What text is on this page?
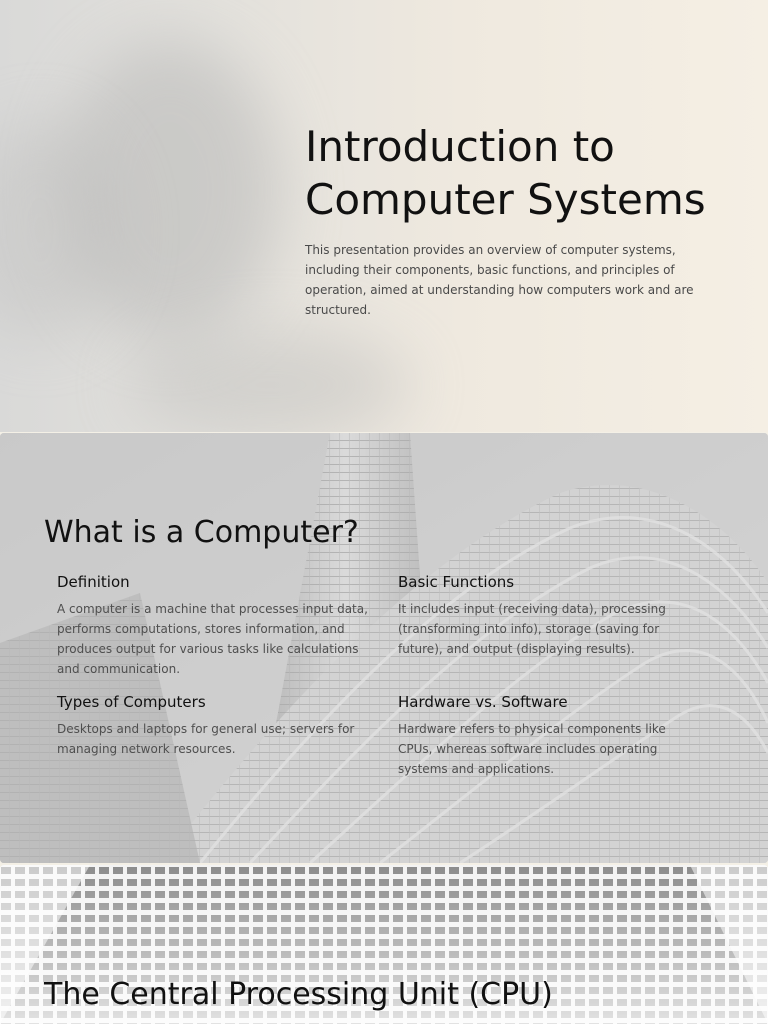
Introduction to Computer Systems

This presentation provides an overview of computer systems, including their components, basic functions, and principles of operation, aimed at understanding how computers work and are structured.

What is a Computer?
Definition

A computer is a machine that processes input data, performs computations, stores information, and produces output for various tasks like calculations and communication.

Basic Functions

It includes input (receiving data), processing (transforming into info), storage (saving for future), and output (displaying results).

Types of Computers

Desktops and laptops for general use; servers for managing network resources.

Hardware vs. Software

Hardware refers to physical components like CPUs, whereas software includes operating systems and applications.

The Central Processing Unit (CPU)
